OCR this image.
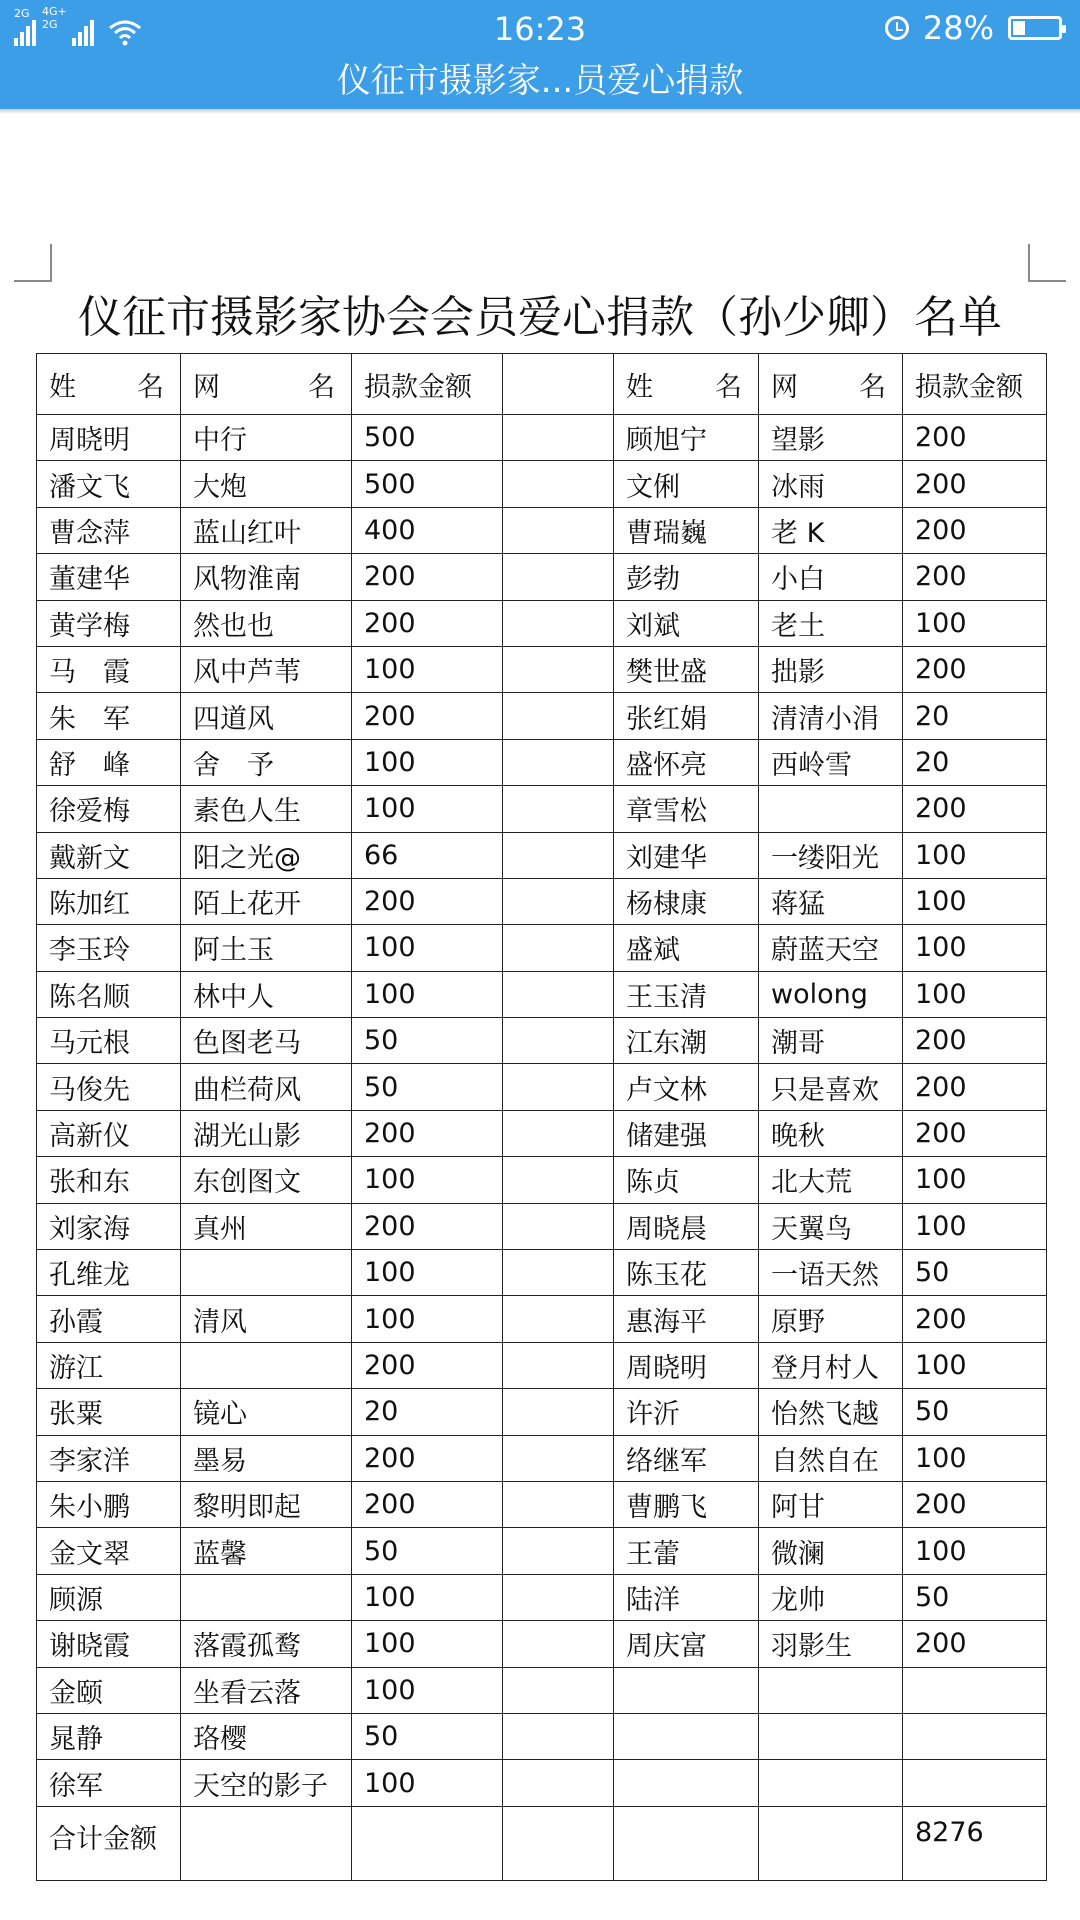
2G 4G+
2G	16:23	28%
仪征市摄影家...员爱心捐款
仪征市摄影家协会会员爱心捐款（孙少卿）名单
姓 名	网 名	损款金额		姓 名	网 名	损款金额
周晓明	中行	500		顾旭宁	望影	200
潘文飞	大炮	500		文俐	冰雨	200
曹念萍	蓝山红叶	400		曹瑞巍	老 K	200
董建华	风物淮南	200		彭勃	小白	200
黄学梅	然也也	200		刘斌	老土	100
马　霞	风中芦苇	100		樊世盛	拙影	200
朱　军	四道风	200		张红娟	清清小涓	20
舒　峰	舍　予	100		盛怀亮	西岭雪	20
徐爱梅	素色人生	100		章雪松		200
戴新文	阳之光@	66		刘建华	一缕阳光	100
陈加红	陌上花开	200		杨棣康	蒋猛	100
李玉玲	阿土玉	100		盛斌	蔚蓝天空	100
陈名顺	林中人	100		王玉清	wolong	100
马元根	色图老马	50		江东潮	潮哥	200
马俊先	曲栏荷风	50		卢文林	只是喜欢	200
高新仪	湖光山影	200		储建强	晚秋	200
张和东	东创图文	100		陈贞	北大荒	100
刘家海	真州	200		周晓晨	天翼鸟	100
孔维龙		100		陈玉花	一语天然	50
孙霞	清风	100		惠海平	原野	200
游江		200		周晓明	登月村人	100
张粟	镜心	20		许沂	怡然飞越	50
李家洋	墨易	200		络继军	自然自在	100
朱小鹏	黎明即起	200		曹鹏飞	阿甘	200
金文翠	蓝馨	50		王蕾	微澜	100
顾源		100		陆洋	龙帅	50
谢晓霞	落霞孤鹜	100		周庆富	羽影生	200
金颐	坐看云落	100				
晁静	珞樱	50				
徐军	天空的影子	100				
合计金额						8276
